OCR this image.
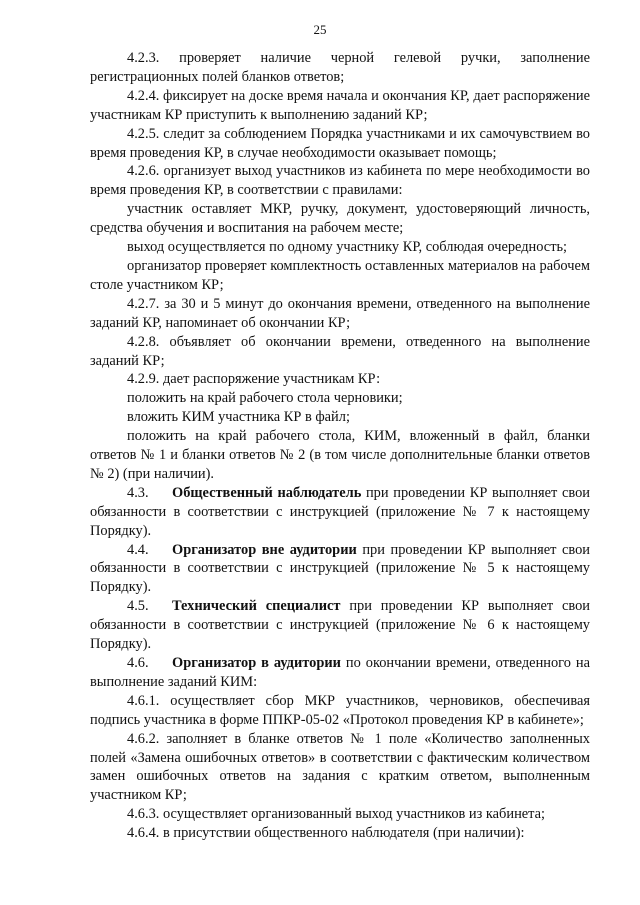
25

4.2.3. проверяет наличие черной гелевой ручки, заполнение регистрационных полей бланков ответов;

4.2.4. фиксирует на доске время начала и окончания КР, дает распоряжение участникам КР приступить к выполнению заданий КР;

4.2.5. следит за соблюдением Порядка участниками и их самочувствием во время проведения КР, в случае необходимости оказывает помощь;

4.2.6. организует выход участников из кабинета по мере необходимости во время проведения КР, в соответствии с правилами:

участник оставляет МКР, ручку, документ, удостоверяющий личность, средства обучения и воспитания на рабочем месте;

выход осуществляется по одному участнику КР, соблюдая очередность;

организатор проверяет комплектность оставленных материалов на рабочем столе участником КР;

4.2.7. за 30 и 5 минут до окончания времени, отведенного на выполнение заданий КР, напоминает об окончании КР;

4.2.8. объявляет об окончании времени, отведенного на выполнение заданий КР;

4.2.9. дает распоряжение участникам КР:

положить на край рабочего стола черновики;

вложить КИМ участника КР в файл;

положить на край рабочего стола, КИМ, вложенный в файл, бланки ответов № 1 и бланки ответов № 2 (в том числе дополнительные бланки ответов № 2) (при наличии).

4.3. Общественный наблюдатель при проведении КР выполняет свои обязанности в соответствии с инструкцией (приложение № 7 к настоящему Порядку).

4.4. Организатор вне аудитории при проведении КР выполняет свои обязанности в соответствии с инструкцией (приложение № 5 к настоящему Порядку).

4.5. Технический специалист при проведении КР выполняет свои обязанности в соответствии с инструкцией (приложение № 6 к настоящему Порядку).

4.6. Организатор в аудитории по окончании времени, отведенного на выполнение заданий КИМ:

4.6.1. осуществляет сбор МКР участников, черновиков, обеспечивая подпись участника в форме ППКР-05-02 «Протокол проведения КР в кабинете»;

4.6.2. заполняет в бланке ответов № 1 поле «Количество заполненных полей «Замена ошибочных ответов» в соответствии с фактическим количеством замен ошибочных ответов на задания с кратким ответом, выполненным участником КР;

4.6.3. осуществляет организованный выход участников из кабинета;

4.6.4. в присутствии общественного наблюдателя (при наличии):
